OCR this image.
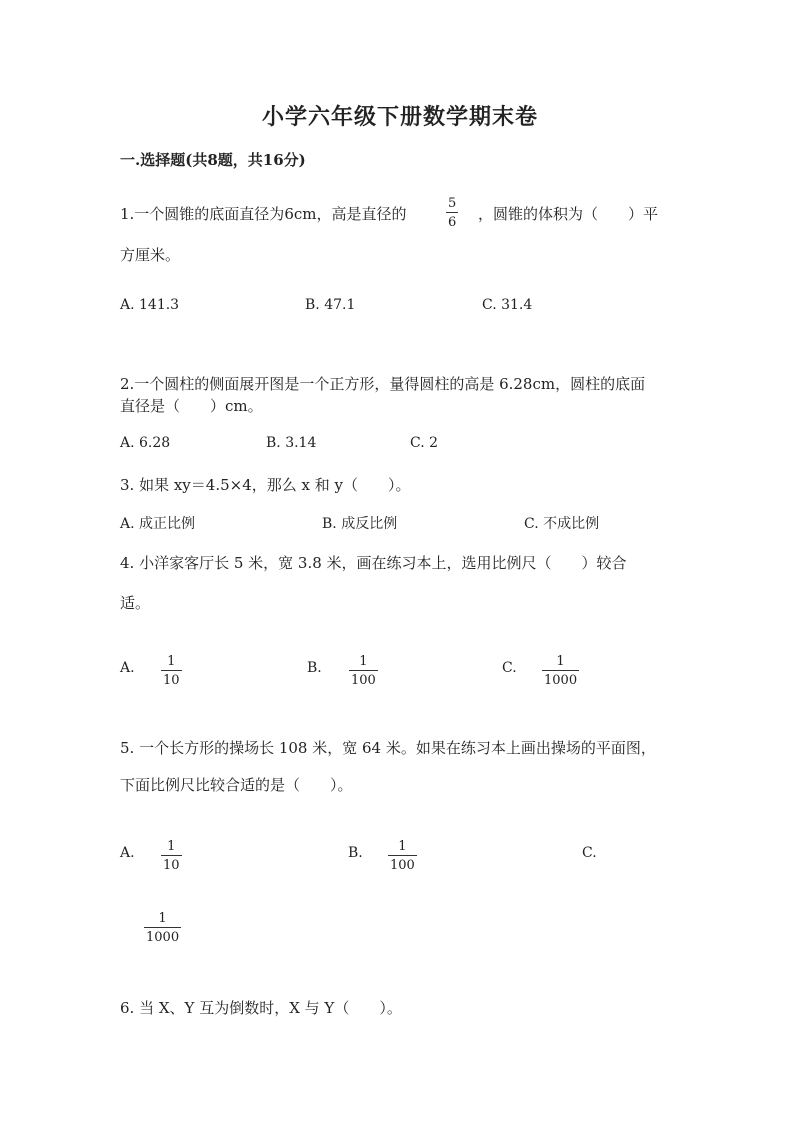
小学六年级下册数学期末卷
一.选择题(共8题，共16分)
1.一个圆锥的底面直径为6cm，高是直径的
5
6 ，圆锥的体积为（　　）平
方厘米。
A. 141.3	B. 47.1	C. 31.4
2.一个圆柱的侧面展开图是一个正方形，量得圆柱的高是 6.28cm，圆柱的底面
直径是（　　）cm。
A. 6.28	B. 3.14	C. 2
3. 如果 xy＝4.5×4，那么 x 和 y（　　）。
A. 成正比例	B. 成反比例	C. 不成比例
4. 小洋家客厅长 5 米，宽 3.8 米，画在练习本上，选用比例尺（　　）较合
适。
A.	1
10
B.	1
100
C.	1
1000
5. 一个长方形的操场长 108 米，宽 64 米。如果在练习本上画出操场的平面图，
下面比例尺比较合适的是（　　）。
A.	1
10
B.	1
100
C.
1
1000
6. 当 X、Y 互为倒数时，X 与 Y（　　）。
